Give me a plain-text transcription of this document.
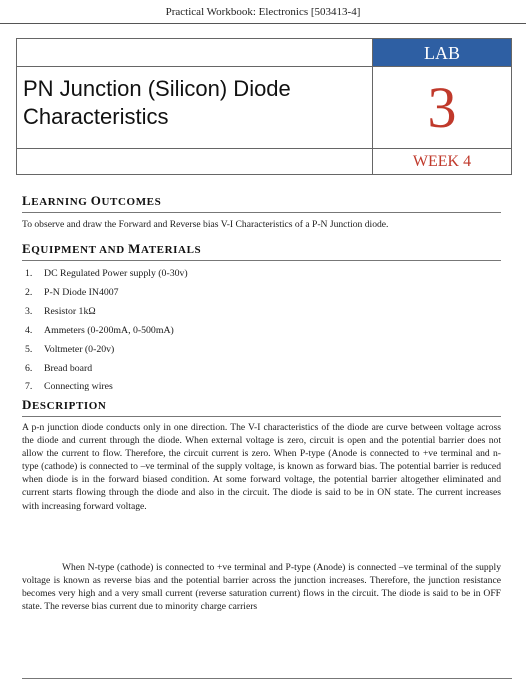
Practical Workbook: Electronics [503413-4]
LAB
PN Junction (Silicon) Diode
Characteristics	3
WEEK 4
LEARNING OUTCOMES
To observe and draw the Forward and Reverse bias V-I Characteristics of a P-N Junction diode.
EQUIPMENT AND MATERIALS
1. DC Regulated Power supply (0-30v)
2. P-N Diode IN4007
3. Resistor 1kΩ
4. Ammeters (0-200mA, 0-500mA)
5. Voltmeter (0-20v)
6. Bread board
7. Connecting wires
DESCRIPTION
A p-n junction diode conducts only in one direction. The V-I characteristics of the diode are curve between voltage across the diode and current through the diode. When external voltage is zero, circuit is open and the potential barrier does not allow the current to flow. Therefore, the circuit current is zero. When P-type (Anode is connected to +ve terminal and n- type (cathode) is connected to –ve terminal of the supply voltage, is known as forward bias. The potential barrier is reduced when diode is in the forward biased condition. At some forward voltage, the potential barrier altogether eliminated and current starts flowing through the diode and also in the circuit. The diode is said to be in ON state. The current increases with increasing forward voltage.
When N-type (cathode) is connected to +ve terminal and P-type (Anode) is connected –ve terminal of the supply voltage is known as reverse bias and the potential barrier across the junction increases. Therefore, the junction resistance becomes very high and a very small current (reverse saturation current) flows in the circuit. The diode is said to be in OFF state. The reverse bias current due to minority charge carriers
